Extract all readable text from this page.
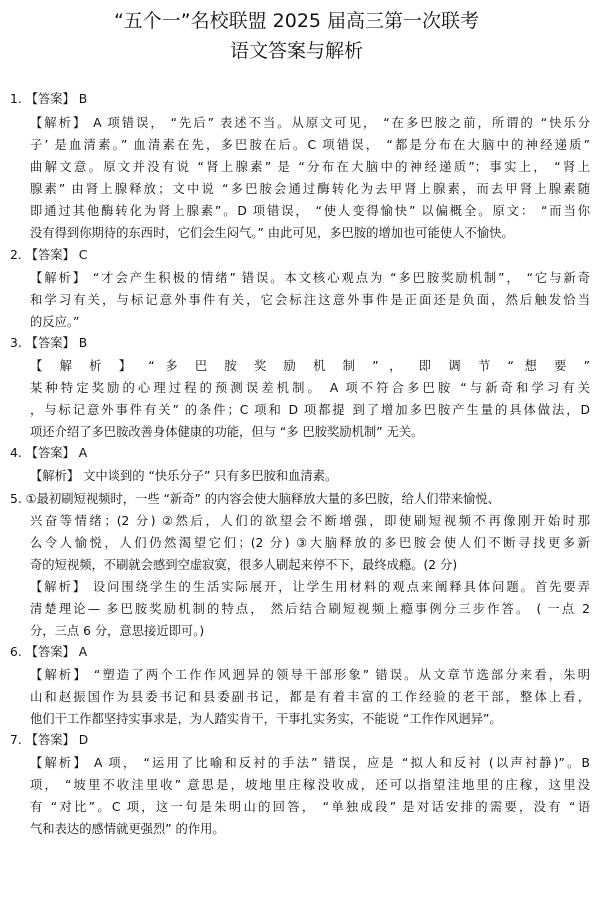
“五个一”名校联盟 2025 届高三第一次联考
语文答案与解析
1. 【答案】 B
【解析】 A 项错误， “先后” 表述不当。从原文可见， “在多巴胺之前，所谓的 “快乐分
子’ 是血清素。” 血清素在先，多巴胺在后。C 项错误， “都是分布在大脑中的神经递质”
曲解文意。原文并没有说 “肾上腺素” 是 “分布在大脑中的神经递质”；事实上， “肾上
腺素” 由肾上腺释放；文中说 “多巴胺会通过酶转化为去甲肾上腺素，而去甲肾上腺素随
即通过其他酶转化为肾上腺素”。D 项错误， “使人变得愉快” 以偏概全。原文： “而当你
没有得到你期待的东西时，它们会生闷气。” 由此可见，多巴胺的增加也可能使人不愉快。
2. 【答案】 C
【解析】 “才会产生积极的情绪” 错误。本文核心观点为 “多巴胺奖励机制”， “它与新奇
和学习有关，与标记意外事件有关，它会标注这意外事件是正面还是负面，然后触发恰当
的反应。”
3. 【答案】 B
【 解 析 】 “ 多 巴 胺 奖 励 机 制 ” ， 即 调 节 “ 想 要 ”
某种特定奖励的心理过程的预测误差机制。 A 项不符合多巴胺 “与新奇和学习有关
，与标记意外事件有关” 的条件；C 项和 D 项都提 到了增加多巴胺产生量的具体做法，D
项还介绍了多巴胺改善身体健康的功能，但与 “多 巴胺奖励机制” 无关。
4. 【答案】 A
【解析】 文中谈到的 “快乐分子” 只有多巴胺和血清素。
5. ①最初刷短视频时，一些 “新奇” 的内容会使大脑释放大量的多巴胺，给人们带来愉悦、
兴奋等情绪；(2 分) ②然后，人们的欲望会不断增强，即使刷短视频不再像刚开始时那
么令人愉悦，人们仍然渴望它们；(2 分) ③大脑释放的多巴胺会使人们不断寻找更多新
奇的短视频，不刷就会感到空虚寂寞，很多人刷起来停不下，最终成瘾。(2 分)
【解析】 设问围绕学生的生活实际展开，让学生用材料的观点来阐释具体问题。首先要弄
清楚理论— 多巴胺奖励机制的特点， 然后结合刷短视频上瘾事例分三步作答。 ( 一点 2
分，三点 6 分，意思接近即可。)
6. 【答案】 A
【解析】 “塑造了两个工作作风迥异的领导干部形象” 错误。从文章节选部分来看，朱明
山和赵振国作为县委书记和县委副书记，都是有着丰富的工作经验的老干部，整体上看，
他们干工作都坚持实事求是，为人踏实肯干，干事扎实务实，不能说 “工作作风迥异”。
7. 【答案】 D
【解析】 A 项， “运用了比喻和反衬的手法” 错误，应是 “拟人和反衬 (以声衬静)”。B
项， “坡里不收洼里收” 意思是，坡地里庄稼没收成，还可以指望洼地里的庄稼，这里没
有 “对比”。C 项，这一句是朱明山的回答， “单独成段” 是对话安排的需要，没有 “语
气和表达的感情就更强烈” 的作用。
